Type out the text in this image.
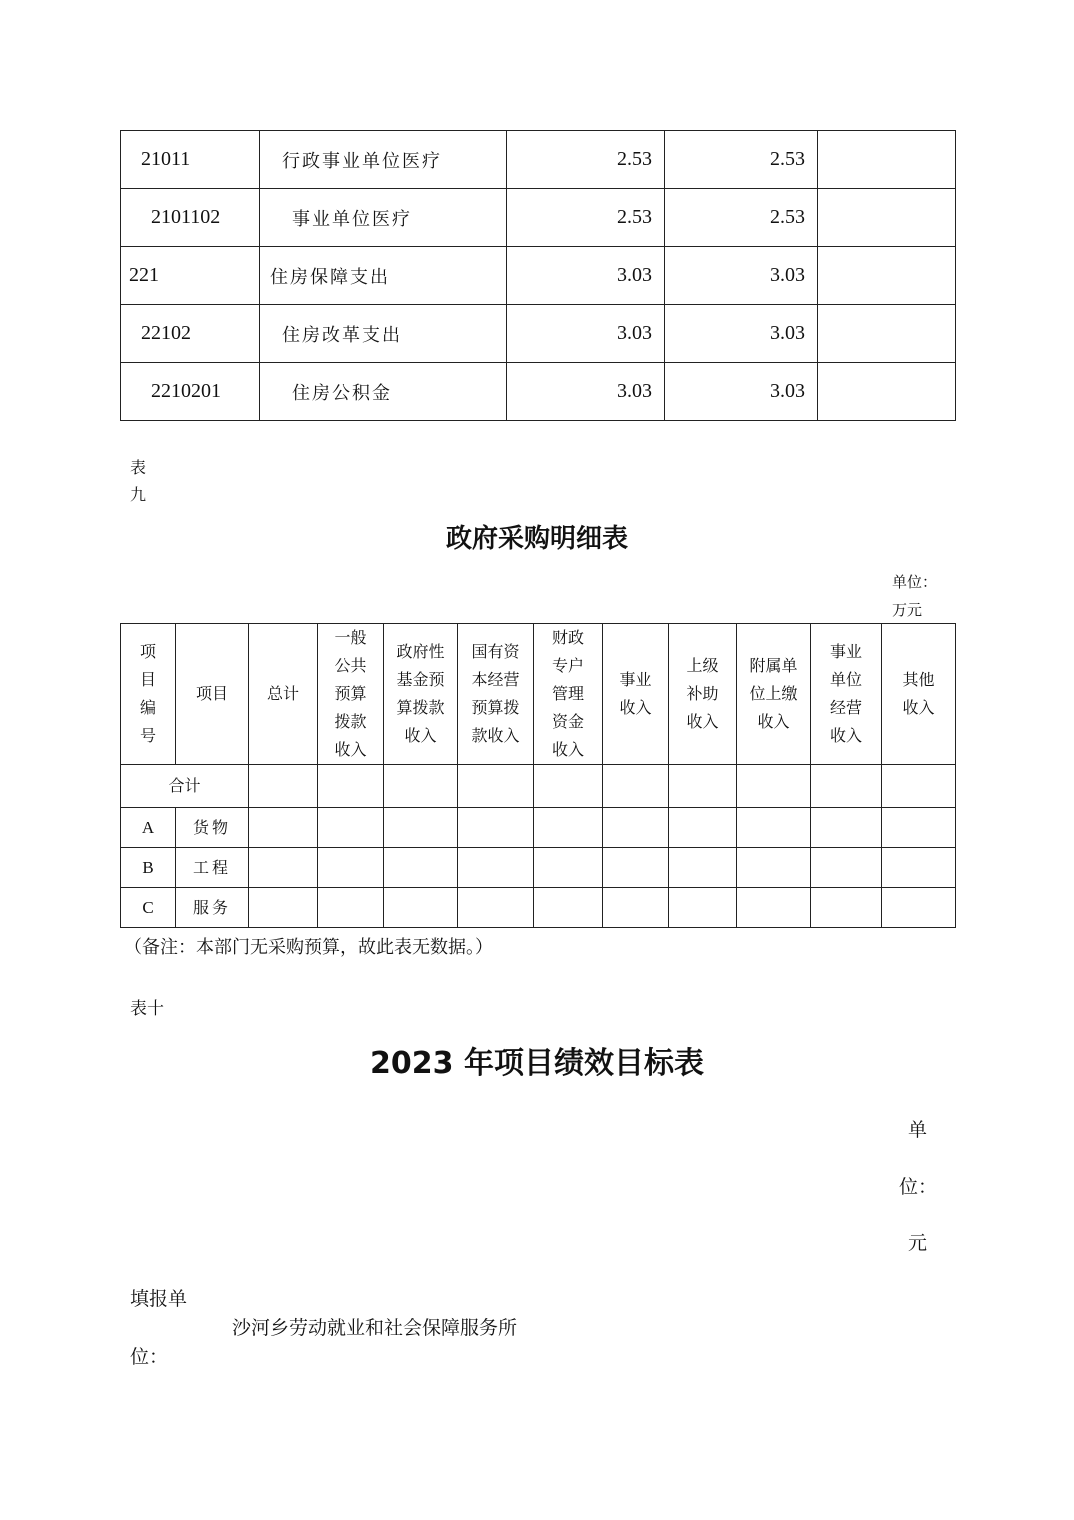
21011	行政事业单位医疗	2.53	2.53	
2101102	事业单位医疗	2.53	2.53	
221	住房保障支出	3.03	3.03	
22102	住房改革支出	3.03	3.03	
2210201	住房公积金	3.03	3.03	
表
九
政府采购明细表
单位：
万元
项
目
编
号	项目	总计	一般
公共
预算
拨款
收入	政府性
基金预
算拨款
收入	国有资
本经营
预算拨
款收入	财政
专户
管理
资金
收入	事业
收入	上级
补助
收入	附属单
位上缴
收入	事业
单位
经营
收入	其他
收入
合计											
A	货物										
B	工程										
C	服务										
（备注：本部门无采购预算，故此表无数据。）
表十
2023 年项目绩效目标表
单
位：
元
填报单
位：
沙河乡劳动就业和社会保障服务所
